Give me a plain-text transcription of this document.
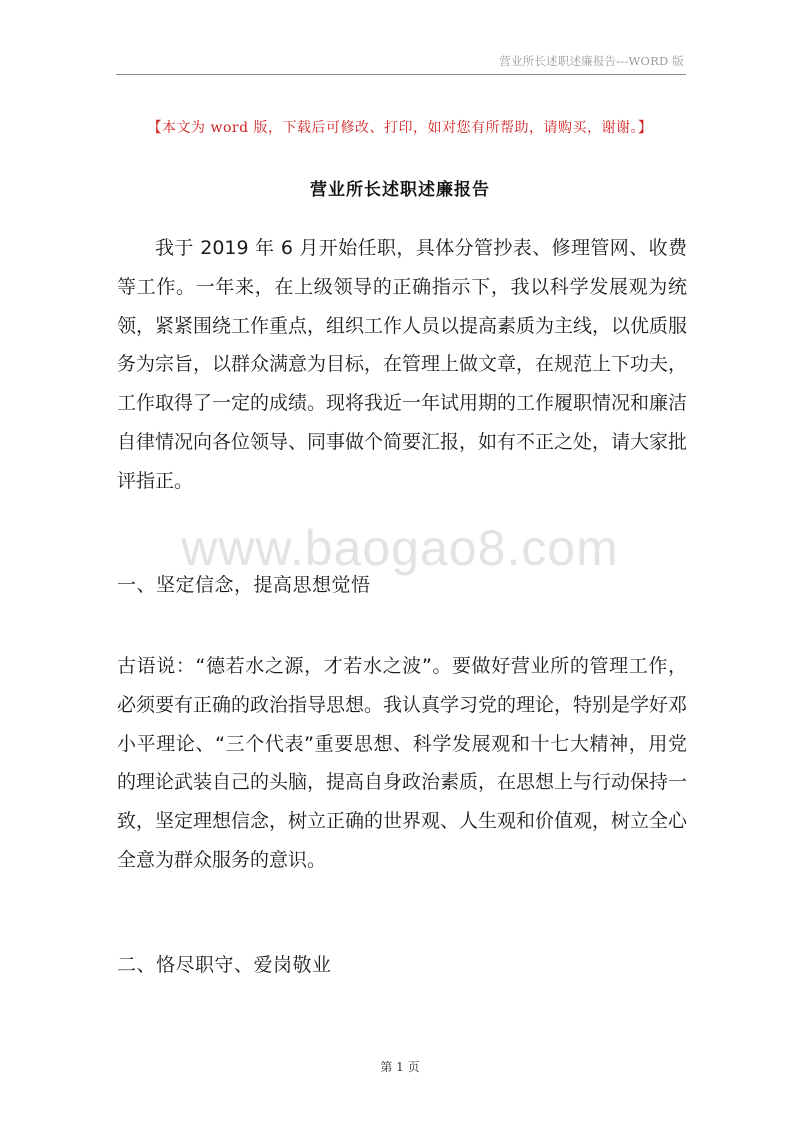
营业所长述职述廉报告---WORD 版
【本文为 word 版，下载后可修改、打印，如对您有所帮助，请购买，谢谢。】
营业所长述职述廉报告

我于 2019 年 6 月开始任职，具体分管抄表、修理管网、收费等工作。一年来，在上级领导的正确指示下，我以科学发展观为统领，紧紧围绕工作重点，组织工作人员以提高素质为主线，以优质服务为宗旨，以群众满意为目标，在管理上做文章，在规范上下功夫，工作取得了一定的成绩。现将我近一年试用期的工作履职情况和廉洁自律情况向各位领导、同事做个简要汇报，如有不正之处，请大家批评指正。

www.baogao8.com

一、坚定信念，提高思想觉悟

古语说：“德若水之源，才若水之波”。要做好营业所的管理工作，必须要有正确的政治指导思想。我认真学习党的理论，特别是学好邓小平理论、“三个代表”重要思想、科学发展观和十七大精神，用党的理论武装自己的头脑，提高自身政治素质，在思想上与行动保持一致，坚定理想信念，树立正确的世界观、人生观和价值观，树立全心全意为群众服务的意识。

二、恪尽职守、爱岗敬业

第 1 页
